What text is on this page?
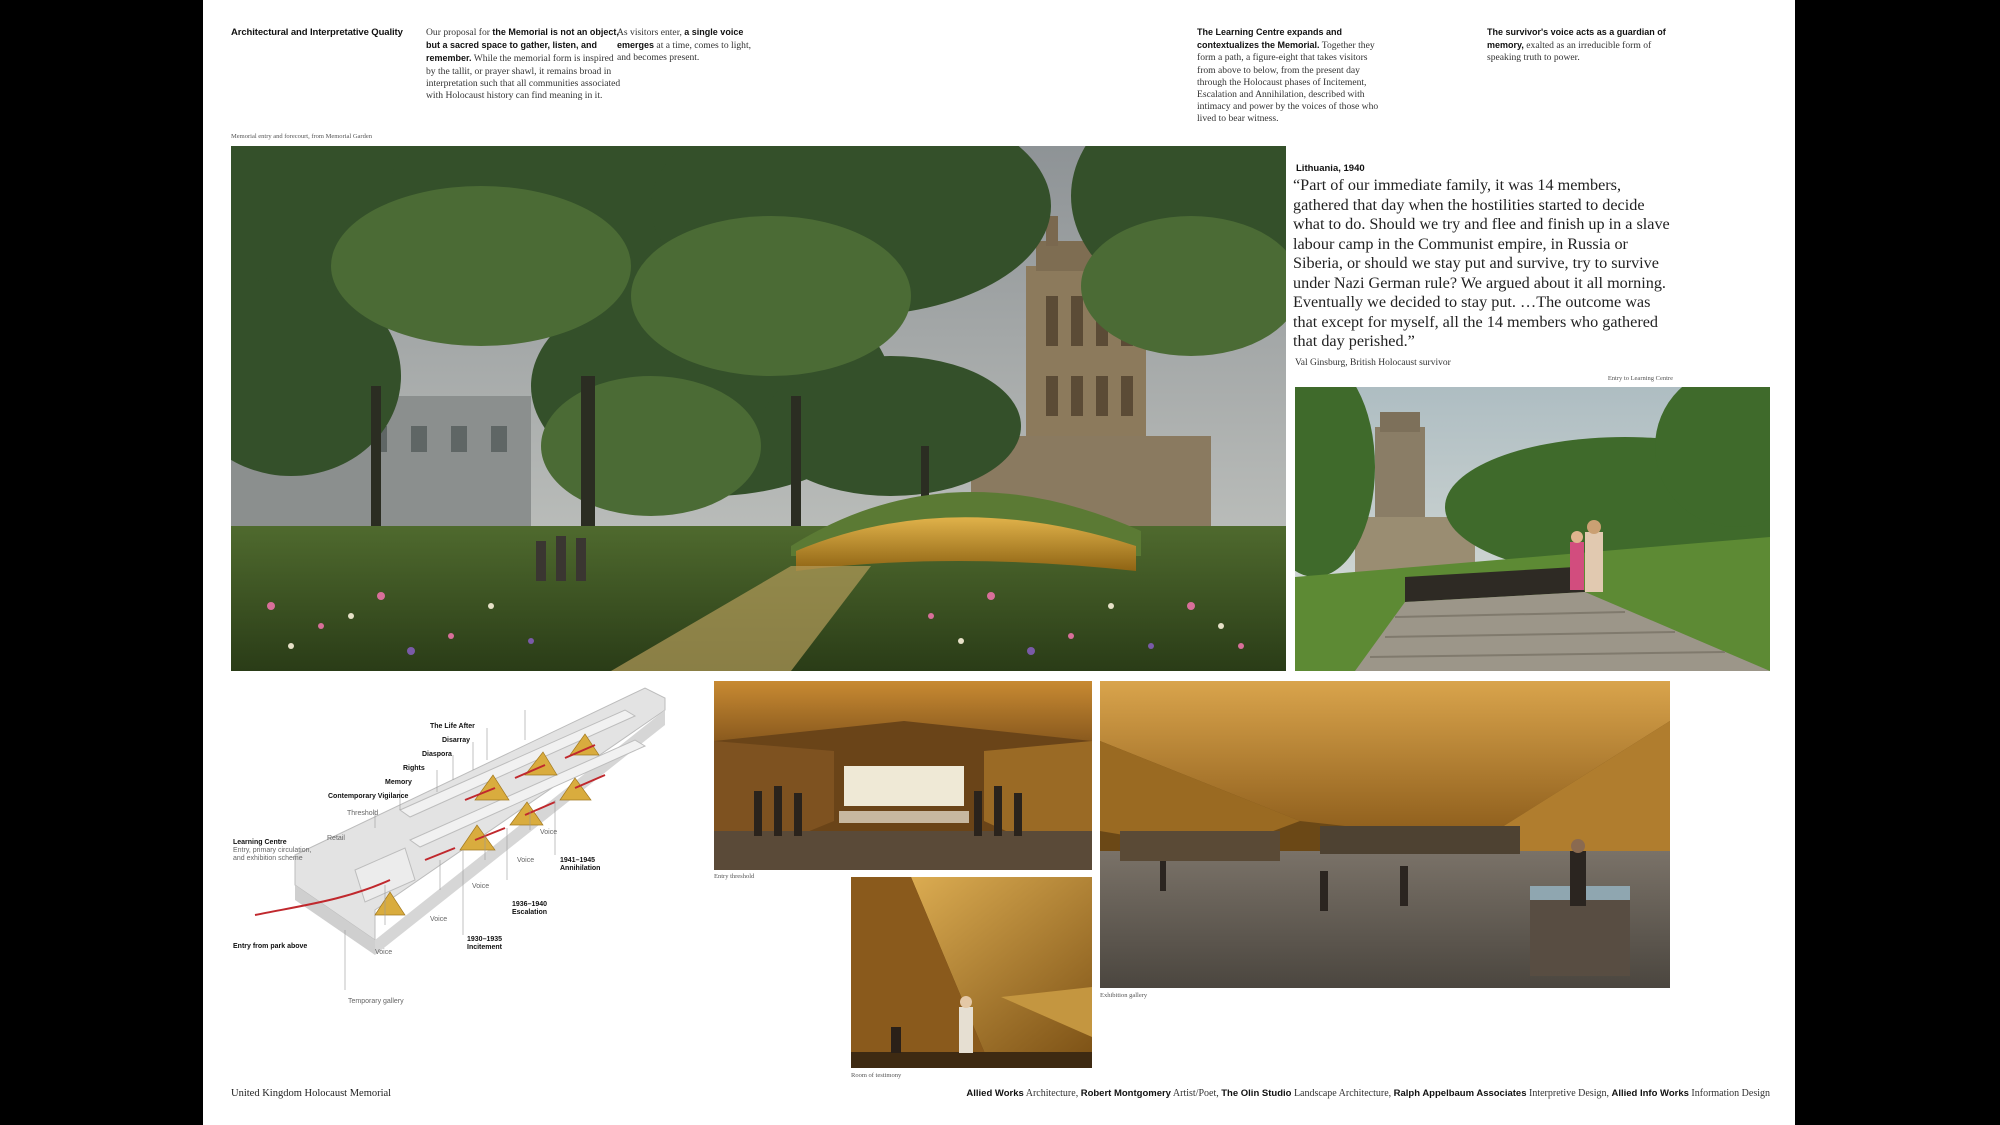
Architectural and Interpretative Quality Our proposal for the Memorial is not an object, but a sacred space to gather, listen, and remember. While the memorial form is inspired by the tallit, or prayer shawl, it remains broad in interpretation such that all communities associated with Holocaust history can find meaning in it.
As visitors enter, a single voice emerges at a time, comes to light, and becomes present.
The Learning Centre expands and contextualizes the Memorial. Together they form a path, a figure-eight that takes visitors from above to below, from the present day through the Holocaust phases of Incitement, Escalation and Annihilation, described with intimacy and power by the voices of those who lived to bear witness.
The survivor's voice acts as a guardian of memory, exalted as an irreducible form of speaking truth to power.
Memorial entry and forecourt, from Memorial Garden
Lithuania, 1940
“Part of our immediate family, it was 14 members, gathered that day when the hostilities started to decide what to do. Should we try and flee and finish up in a slave labour camp in the Communist empire, in Russia or Siberia, or should we stay put and survive, try to survive under Nazi German rule? We argued about it all morning. Eventually we decided to stay put. …The outcome was that except for myself, all the 14 members who gathered that day perished.”
Val Ginsburg, British Holocaust survivor
Entry to Learning Centre
The Life After
Disarray
Diaspora
Rights
Memory
Contemporary Vigilance
Threshold
Retail
Learning Centre
Entry, primary circulation,
and exhibition scheme
Voice
Voice
Voice
Voice
Voice
1941–1945
Annihilation
1936–1940
Escalation
1930–1935
Incitement
Entry from park above
Temporary gallery
Entry threshold
Room of testimony
Exhibition gallery
United Kingdom Holocaust Memorial	Allied Works Architecture, Robert Montgomery Artist/Poet, The Olin Studio Landscape Architecture, Ralph Appelbaum Associates Interpretive Design, Allied Info Works Information Design
